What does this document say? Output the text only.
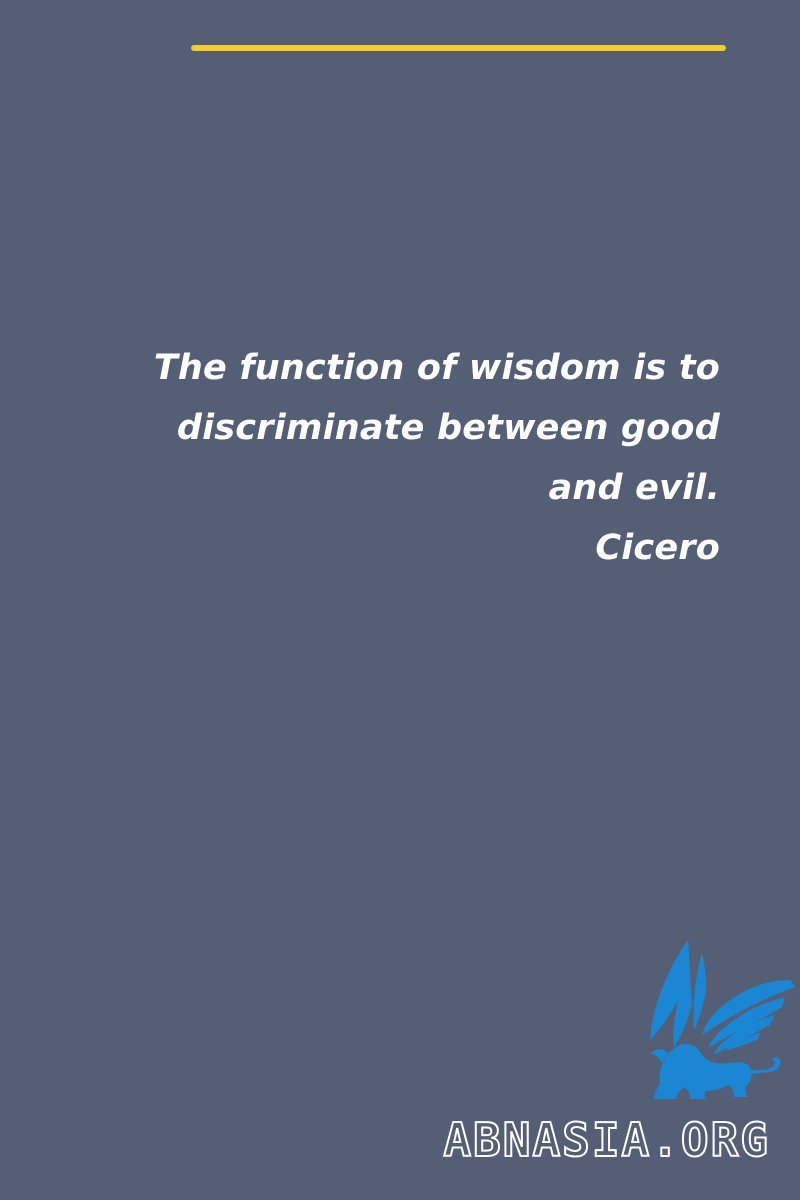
The function of wisdom is to
discriminate between good
and evil.
Cicero
ABNASIA.ORG
